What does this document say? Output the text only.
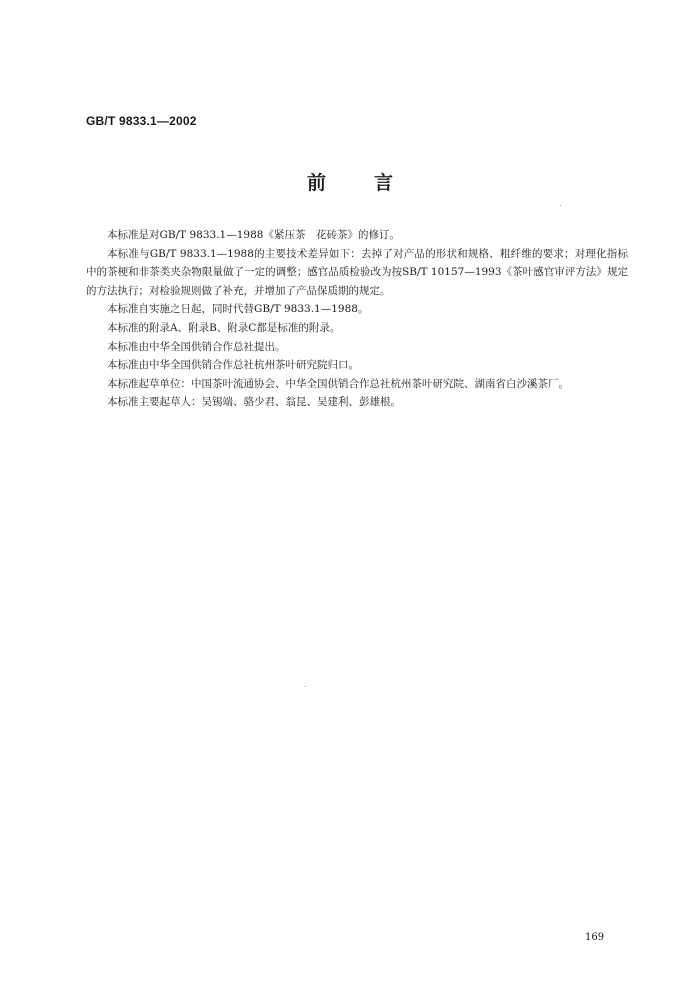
GB/T 9833.1—2002
前言

本标准是对GB/T 9833.1—1988《紧压茶　花砖茶》的修订。

本标准与GB/T 9833.1—1988的主要技术差异如下：去掉了对产品的形状和规格、粗纤维的要求；对理化指标中的茶梗和非茶类夹杂物限量做了一定的调整；感官品质检验改为按SB/T 10157—1993《茶叶感官审评方法》规定的方法执行；对检验规则做了补充，并增加了产品保质期的规定。

本标准自实施之日起，同时代替GB/T 9833.1—1988。

本标准的附录A、附录B、附录C都是标准的附录。

本标准由中华全国供销合作总社提出。

本标准由中华全国供销合作总社杭州茶叶研究院归口。

本标准起草单位：中国茶叶流通协会、中华全国供销合作总社杭州茶叶研究院、湖南省白沙溪茶厂。

本标准主要起草人：吴锡端、骆少君、翁昆、吴建利、彭雄根。

169
